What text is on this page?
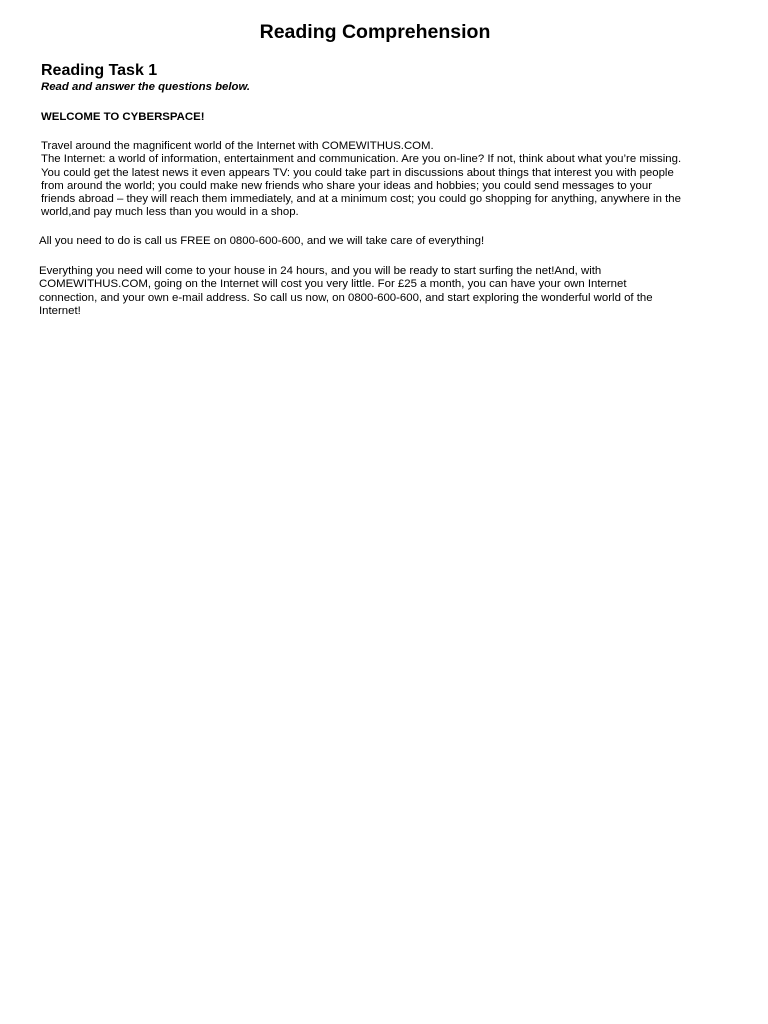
Reading Comprehension
Reading Task 1

Read and answer the questions below.

WELCOME TO CYBERSPACE!

Travel around the magnificent world of the Internet with COMEWITHUS.COM.
The Internet: a world of information, entertainment and communication. Are you on-line? If not, think about what you’re missing.
You could get the latest news it even appears TV: you could take part in discussions about things that interest you with people
from around the world; you could make new friends who share your ideas and hobbies; you could send messages to your
friends abroad – they will reach them immediately, and at a minimum cost; you could go shopping for anything, anywhere in the
world,and pay much less than you would in a shop.

All you need to do is call us FREE on 0800-600-600, and we will take care of everything!

Everything you need will come to your house in 24 hours, and you will be ready to start surfing the net!And, with
COMEWITHUS.COM, going on the Internet will cost you very little. For £25 a month, you can have your own Internet
connection, and your own e-mail address. So call us now, on 0800-600-600, and start exploring the wonderful world of the
Internet!
